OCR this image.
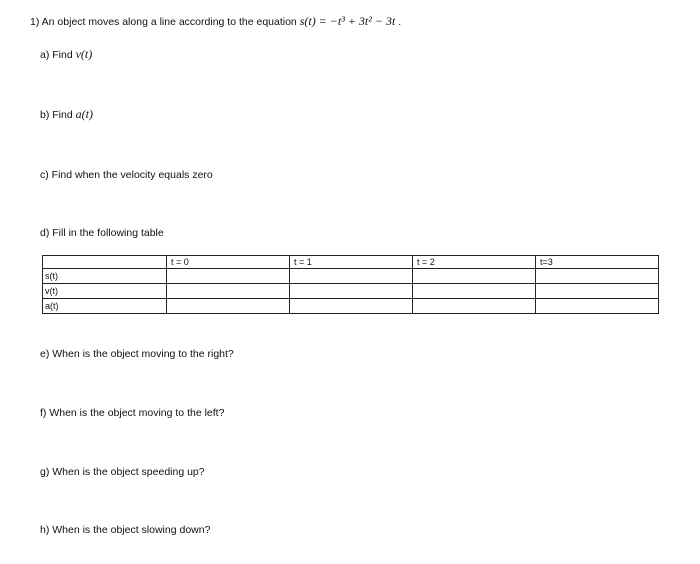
1) An object moves along a line according to the equation s(t) = −t³ + 3t² − 3t .
a) Find v(t)
b) Find a(t)
c) Find when the velocity equals zero
d) Fill in the following table
	t = 0	t = 1	t = 2	t=3
s(t)				
v(t)				
a(t)				
e) When is the object moving to the right?
f) When is the object moving to the left?
g) When is the object speeding up?
h) When is the object slowing down?
